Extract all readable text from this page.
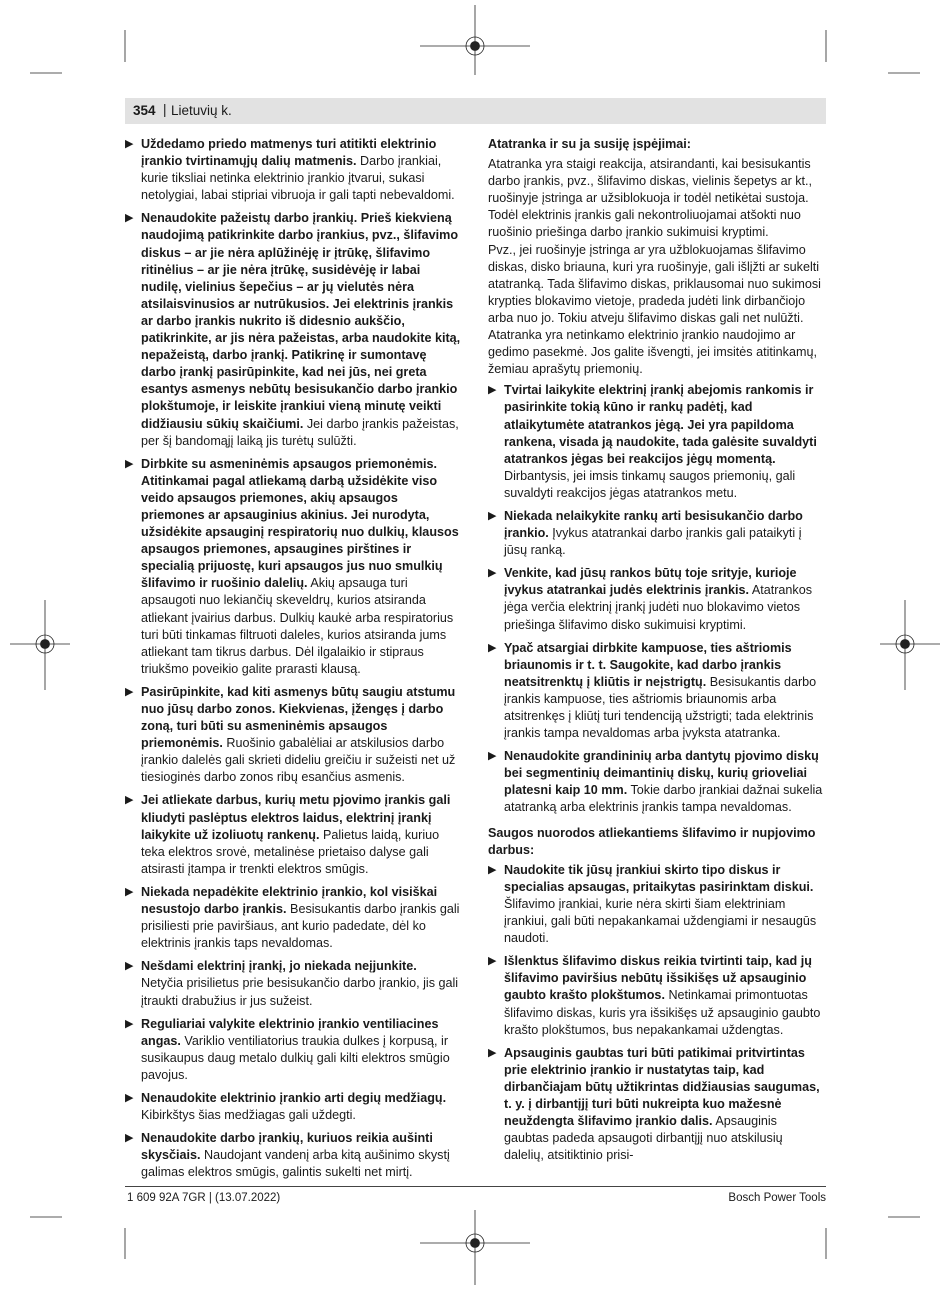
354 | Lietuvių k.
▶ Uždedamo priedo matmenys turi atitikti elektrinio įrankio tvirtinamųjų dalių matmenis. Darbo įrankiai, kurie tiksliai netinka elektrinio įrankio įtvarui, sukasi netolygiai, labai stipriai vibruoja ir gali tapti nebevaldomi.
▶ Nenaudokite pažeistų darbo įrankių. Prieš kiekvieną naudojimą patikrinkite darbo įrankius, pvz., šlifavimo diskus – ar jie nėra aplūžinėję ir įtrūkę, šlifavimo ritinėlius – ar jie nėra įtrūkę, susidėvėję ir labai nudilę, vielinius šepečius – ar jų vielutės nėra atsilaisvinusios ar nutrūkusios. Jei elektrinis įrankis ar darbo įrankis nukrito iš didesnio aukščio, patikrinkite, ar jis nėra pažeistas, arba naudokite kitą, nepažeistą, darbo įrankį. Patikrinę ir sumontavę darbo įrankį pasirūpinkite, kad nei jūs, nei greta esantys asmenys nebūtų besisukančio darbo įrankio plokštumoje, ir leiskite įrankiui vieną minutę veikti didžiausiu sūkių skaičiumi. Jei darbo įrankis pažeistas, per šį bandomąjį laiką jis turėtų sulūžti.
▶ Dirbkite su asmeninėmis apsaugos priemonėmis. Atitinkamai pagal atliekamą darbą užsidėkite viso veido apsaugos priemones, akių apsaugos priemones ar apsauginius akinius. Jei nurodyta, užsidėkite apsauginį respiratorių nuo dulkių, klausos apsaugos priemones, apsaugines pirštines ir specialią prijuostę, kuri apsaugos jus nuo smulkių šlifavimo ir ruošinio dalelių. Akių apsauga turi apsaugoti nuo lekiančių skeveldrų, kurios atsiranda atliekant įvairius darbus. Dulkių kaukė arba respiratorius turi būti tinkamas filtruoti daleles, kurios atsiranda jums atliekant tam tikrus darbus. Dėl ilgalaikio ir stipraus triukšmo poveikio galite prarasti klausą.
▶ Pasirūpinkite, kad kiti asmenys būtų saugiu atstumu nuo jūsų darbo zonos. Kiekvienas, įžengęs į darbo zoną, turi būti su asmeninėmis apsaugos priemonėmis. Ruošinio gabalėliai ar atskilusios darbo įrankio dalelės gali skrieti dideliu greičiu ir sužeisti net už tiesioginės darbo zonos ribų esančius asmenis.
▶ Jei atliekate darbus, kurių metu pjovimo įrankis gali kliudyti paslėptus elektros laidus, elektrinį įrankį laikykite už izoliuotų rankenų. Palietus laidą, kuriuo teka elektros srovė, metalinėse prietaiso dalyse gali atsirasti įtampa ir trenkti elektros smūgis.
▶ Niekada nepadėkite elektrinio įrankio, kol visiškai nesustojo darbo įrankis. Besisukantis darbo įrankis gali prisiliesti prie paviršiaus, ant kurio padedate, dėl ko elektrinis įrankis taps nevaldomas.
▶ Nešdami elektrinį įrankį, jo niekada neįjunkite. Netyčia prisilietus prie besisukančio darbo įrankio, jis gali įtraukti drabužius ir jus sužeist.
▶ Reguliariai valykite elektrinio įrankio ventiliacines angas. Variklio ventiliatorius traukia dulkes į korpusą, ir susikaupus daug metalo dulkių gali kilti elektros smūgio pavojus.
▶ Nenaudokite elektrinio įrankio arti degių medžiagų. Kibirkštys šias medžiagas gali uždegti.
▶ Nenaudokite darbo įrankių, kuriuos reikia aušinti skysčiais. Naudojant vandenį arba kitą aušinimo skystį galimas elektros smūgis, galintis sukelti net mirtį.
Atatranka ir su ja susiję įspėjimai:

Atatranka yra staigi reakcija, atsirandanti, kai besisukantis darbo įrankis, pvz., šlifavimo diskas, vielinis šepetys ar kt., ruošinyje įstringa ar užsiblokuoja ir todėl netikėtai sustoja. Todėl elektrinis įrankis gali nekontroliuojamai atšokti nuo ruošinio priešinga darbo įrankio sukimuisi kryptimi.

Pvz., jei ruošinyje įstringa ar yra užblokuojamas šlifavimo diskas, disko briauna, kuri yra ruošinyje, gali išlįžti ar sukelti atatranką. Tada šlifavimo diskas, priklausomai nuo sukimosi krypties blokavimo vietoje, pradeda judėti link dirbančiojo arba nuo jo. Tokiu atveju šlifavimo diskas gali net nulūžti.

Atatranka yra netinkamo elektrinio įrankio naudojimo ar gedimo pasekmė. Jos galite išvengti, jei imsitės atitinkamų, žemiau aprašytų priemonių.

▶ Tvirtai laikykite elektrinį įrankį abejomis rankomis ir pasirinkite tokią kūno ir rankų padėtį, kad atlaikytumėte atatrankos jėgą. Jei yra papildoma rankena, visada ją naudokite, tada galėsite suvaldyti atatrankos jėgas bei reakcijos jėgų momentą. Dirbantysis, jei imsis tinkamų saugos priemonių, gali suvaldyti reakcijos jėgas atatrankos metu.
▶ Niekada nelaikykite rankų arti besisukančio darbo įrankio. Įvykus atatrankai darbo įrankis gali pataikyti į jūsų ranką.
▶ Venkite, kad jūsų rankos būtų toje srityje, kurioje įvykus atatrankai judės elektrinis įrankis. Atatrankos jėga verčia elektrinį įrankį judėti nuo blokavimo vietos priešinga šlifavimo disko sukimuisi kryptimi.
▶ Ypač atsargiai dirbkite kampuose, ties aštriomis briaunomis ir t. t. Saugokite, kad darbo įrankis neatsitrenktų į kliūtis ir neįstrigtų. Besisukantis darbo įrankis kampuose, ties aštriomis briaunomis arba atsitrenkęs į kliūtį turi tendenciją užstrigti; tada elektrinis įrankis tampa nevaldomas arba įvyksta atatranka.
▶ Nenaudokite grandininių arba dantytų pjovimo diskų bei segmentinių deimantinių diskų, kurių grioveliai platesni kaip 10 mm. Tokie darbo įrankiai dažnai sukelia atatranką arba elektrinis įrankis tampa nevaldomas.
Saugos nuorodos atliekantiems šlifavimo ir nupjovimo darbus:
▶ Naudokite tik jūsų įrankiui skirto tipo diskus ir specialias apsaugas, pritaikytas pasirinktam diskui. Šlifavimo įrankiai, kurie nėra skirti šiam elektriniam įrankiui, gali būti nepakankamai uždengiami ir nesaugūs naudoti.
▶ Išlenktus šlifavimo diskus reikia tvirtinti taip, kad jų šlifavimo paviršius nebūtų išsikišęs už apsauginio gaubto krašto plokštumos. Netinkamai primontuotas šlifavimo diskas, kuris yra išsikišęs už apsauginio gaubto krašto plokštumos, bus nepakankamai uždengtas.
▶ Apsauginis gaubtas turi būti patikimai pritvirtintas prie elektrinio įrankio ir nustatytas taip, kad dirbančiajam būtų užtikrintas didžiausias saugumas, t. y. į dirbantįjį turi būti nukreipta kuo mažesnė neuždengta šlifavimo įrankio dalis. Apsauginis gaubtas padeda apsaugoti dirbantįjį nuo atskilusių dalelių, atsitiktinio prisi-
1 609 92A 7GR | (13.07.2022)	Bosch Power Tools
